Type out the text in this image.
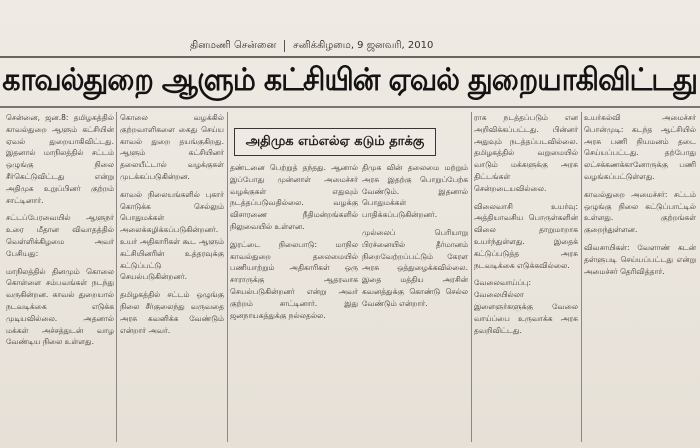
தினமணி சென்னை சனிக்கிழமை, 9 ஜனவரி, 2010
காவல்துறை ஆளும் கட்சியின் ஏவல் துறையாகிவிட்டது

சென்னை, ஜன.8: தமிழகத்தில் காவல்துறை ஆளும் கட்சியின் ஏவல் துறையாகிவிட்டது. இதனால் மாநிலத்தில் சட்டம் ஒழுங்கு நிலை சீர்கெட்டுவிட்டது என்று அதிமுக உறுப்பினர் குற்றம் சாட்டினார்.

சட்டப்பேரவையில் ஆளுநர் உரை மீதான விவாதத்தில் வெள்ளிக்கிழமை அவர் பேசியது:

மாநிலத்தில் தினமும் கொலை கொள்ளை சம்பவங்கள் நடந்து வருகின்றன. காவல் துறையால் நடவடிக்கை எடுக்க முடியவில்லை. அதனால் மக்கள் அச்சத்துடன் வாழ வேண்டிய நிலை உள்ளது.

கொலை வழக்கில் குற்றவாளிகளை கைது செய்ய காவல் துறை தயங்குகிறது. ஆளும் கட்சியினர் தலையீட்டால் வழக்குகள் முடக்கப்படுகின்றன.

காவல் நிலையங்களில் புகார் கொடுக்க செல்லும் பொதுமக்கள் அலைக்கழிக்கப்படுகின்றனர். உயர் அதிகாரிகள் கூட ஆளும் கட்சியினரின் உத்தரவுக்கு கட்டுப்பட்டு செயல்படுகின்றனர்.

தமிழகத்தில் சட்டம் ஒழுங்கு நிலை சீர்குலைந்து வருவதை அரசு கவனிக்க வேண்டும் என்றார் அவர்.

அதிமுக எம்எல்ஏ கடும் தாக்கு

தண்டனை பெற்றுத் தந்தது. ஆனால் இப்போது முன்னாள் அமைச்சர் வழக்குகள் எதுவும் நடத்தப்படுவதில்லை. வழக்கு விசாரணை நீதிமன்றங்களில் நிலுவையில் உள்ளன.

இரட்டை நிலைபாடு: மாநில காவல்துறை தலைமையில் பணியாற்றும் அதிகாரிகள் ஒரு சாராருக்கு ஆதரவாக செயல்படுகின்றனர் என்று அவர் குற்றம் சாட்டினார். இது ஜனநாயகத்துக்கு நல்லதல்ல.

திமுக வின் தலைமை மற்றும் அரசு இதற்கு பொறுப்பேற்க வேண்டும். இதனால் பொதுமக்கள் பாதிக்கப்படுகின்றனர்.

முல்லைப் பெரியாறு பிரச்னையில் தீர்மானம் நிறைவேற்றப்பட்டும் கேரள அரசு ஒத்துழைக்கவில்லை. இதை மத்திய அரசின் கவனத்துக்கு கொண்டு செல்ல வேண்டும் என்றார்.

ராக நடத்தப்படும் என அறிவிக்கப்பட்டது. பின்னர் அதுவும் நடத்தப்படவில்லை. தமிழகத்தில் வறுமையில் வாடும் மக்களுக்கு அரசு திட்டங்கள் சென்றடையவில்லை.

விலைவாசி உயர்வு: அத்தியாவசிய பொருள்களின் விலை தாறுமாறாக உயர்ந்துள்ளது. இதைக் கட்டுப்படுத்த அரசு நடவடிக்கை எடுக்கவில்லை.

வேலைவாய்ப்பு: வேலையில்லா இளைஞர்களுக்கு வேலை வாய்ப்பை உருவாக்க அரசு தவறிவிட்டது.

உயர்கல்வி அமைச்சர் பொன்முடி: கடந்த ஆட்சியில் அரசு பணி நியமனம் தடை செய்யப்பட்டது. தற்போது லட்சக்கணக்கானோருக்கு பணி வழங்கப்பட்டுள்ளது.

காவல்துறை அமைச்சர்: சட்டம் ஒழுங்கு நிலை கட்டுப்பாட்டில் உள்ளது. குற்றங்கள் குறைந்துள்ளன.

விவசாயிகள்: வேளாண் கடன் தள்ளுபடி செய்யப்பட்டது என்று அமைச்சர் தெரிவித்தார்.
